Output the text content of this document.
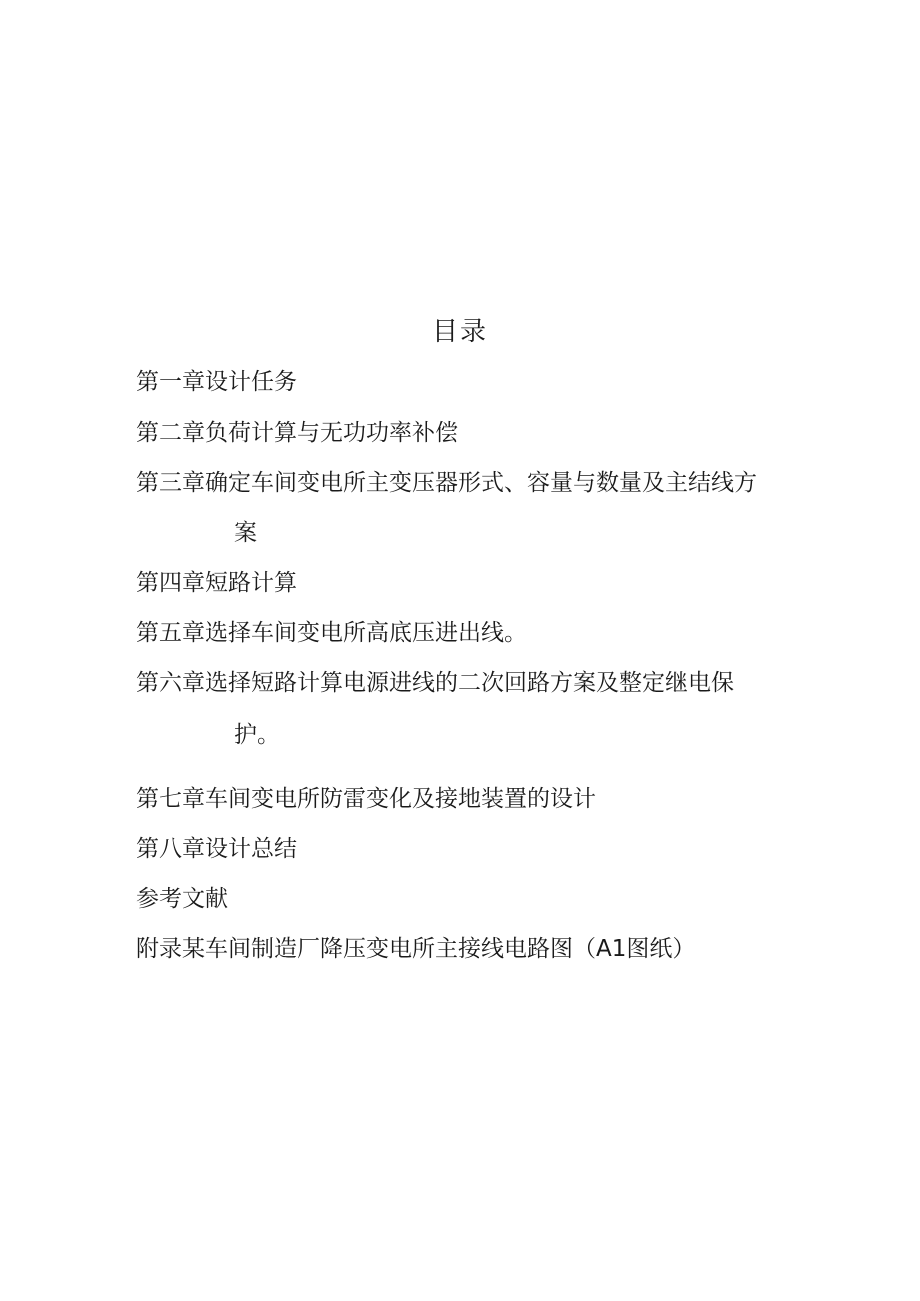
目录

第一章设计任务

第二章负荷计算与无功功率补偿

第三章确定车间变电所主变压器形式、容量与数量及主结线方

案

第四章短路计算

第五章选择车间变电所高底压进出线。

第六章选择短路计算电源进线的二次回路方案及整定继电保

护。

第七章车间变电所防雷变化及接地装置的设计

第八章设计总结

参考文献

附录某车间制造厂降压变电所主接线电路图（A1图纸）
